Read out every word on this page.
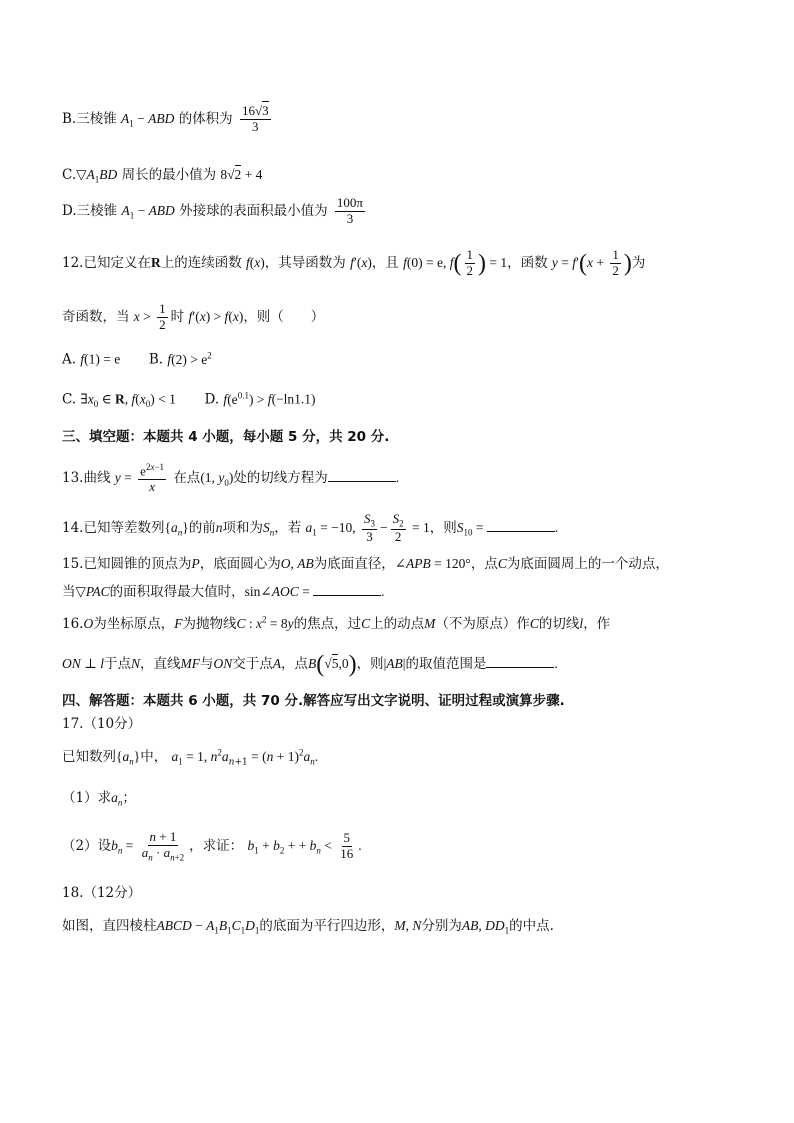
B.三棱锥 $A_1$ − ABD 的体积为 $\frac{16√3}{3}$
$C.▽A_1BD$ 周长的最小值为 8√2 + 4
D.三棱锥 $A_1$ − ABD 外接球的表面积最小值为 $\frac{100\pi}{3}$
12.已知定义在R上的连续函数 f(x)，其导函数为 f′(x)，且 f(0) = e, $f( \frac{1}{2}$ ) = 1，函数 $y = f'(x + \frac{1}{2}$ )为
奇函数，当 $x > \frac{1}{2}$ 时 f′(x) > f(x)，则（　　）
A. f(1) = e B. $f(2) > e^2$
C. $\exists x_0$ ∈ R, $f(x_0) < 1$ D. $f(e^{0.1}) > f(-\ln 1.1)$
三、填空题：本题共 4 小题，每小题 5 分，共 20 分.
13.曲线 $y = \frac{e^{2x-1}}{x}$ 在点(1, $y_0$)处的切线方程为	.
14.已知等差数列$\{a_n\}$的前n项和为$S_n$，若 $a_1 = -10$, $\frac{S_3}{3} - \frac{S_2}{2} = 1$，则$S_{10}$ =	.
15.已知圆锥的顶点为P，底面圆心为O, AB为底面直径，∠APB = 120°，点C为底面圆周上的一个动点，
当▽PAC的面积取得最大值时，sin∠AOC =	.
16.O为坐标原点，F为抛物线C : $x^2 = 8y$的焦点，过C上的动点M（不为原点）作C的切线l，作
ON ⊥ l于点N，直线MF与ON交于点A，点B(√5,0)，则|AB|的取值范围是	.
四、解答题：本题共 6 小题，共 70 分.解答应写出文字说明、证明过程或演算步骤.
17.（10分）
已知数列$\{a_n\}$中， $a_1 = 1$, $n^2a_{n+1} = (n + 1)^2a_n$.
（1）求$a_n$；
（2）设$b_n = \frac{n + 1}{a_n \cdot a_{n+2}}$ ，求证： $b_1 + b_2$ + + $b_n < \frac{5}{16}$ .
18.（12分）
如图，直四棱柱ABCD − $A_1B_1C_1D_1$的底面为平行四边形，M, N分别为AB, $DD_1$的中点.
